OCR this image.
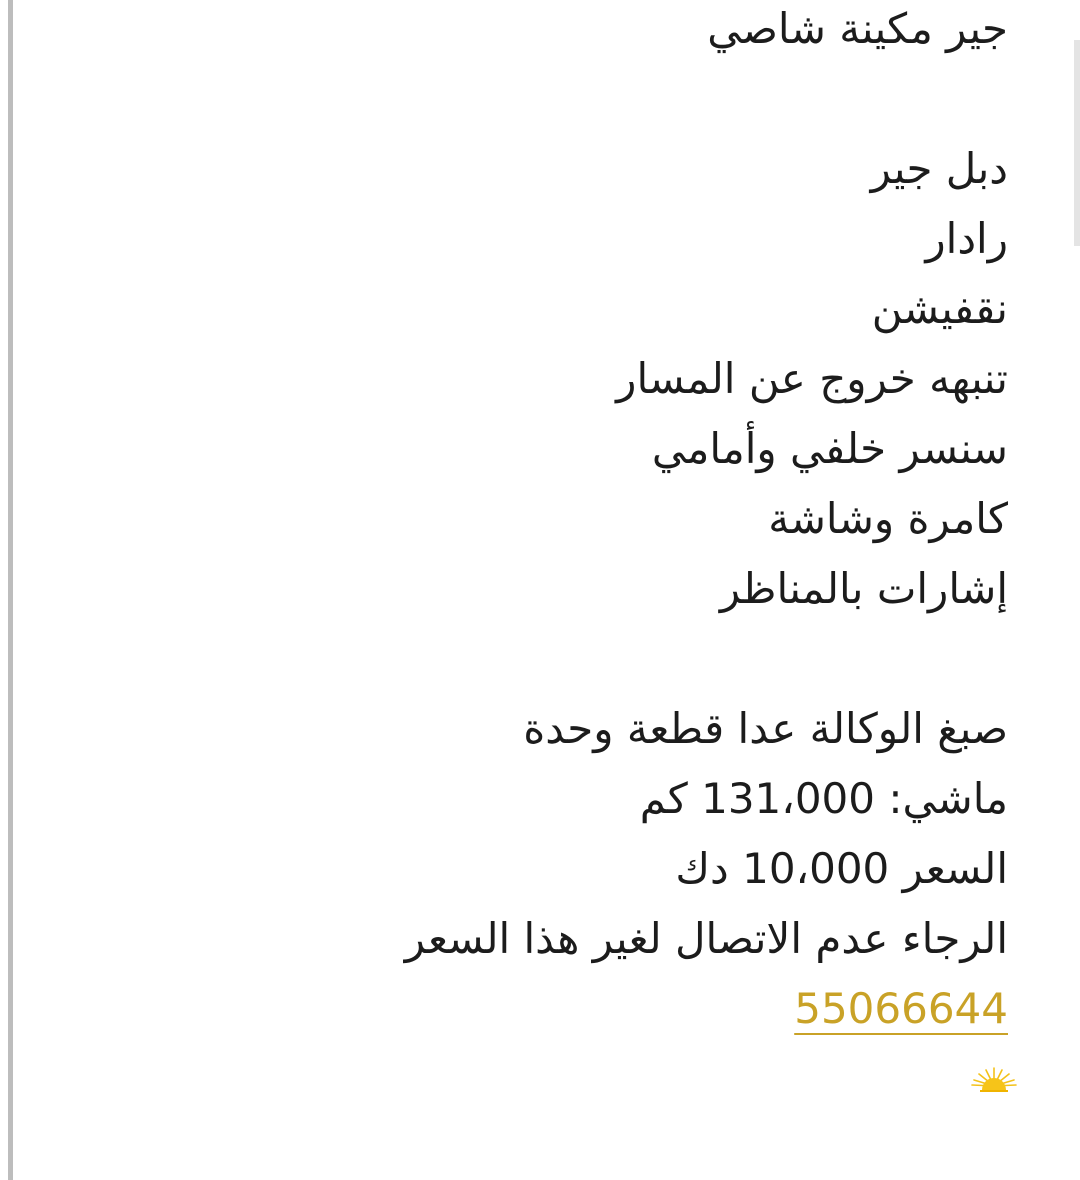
جير مكينة شاصي
دبل جير
رادار
نقفيشن
تنبهه خروج عن المسار
سنسر خلفي وأمامي
كامرة وشاشة
إشارات بالمناظر
صبغ الوكالة عدا قطعة وحدة
ماشي: 131،000 كم
السعر 10،000 دك
الرجاء عدم الاتصال لغير هذا السعر
55066644
